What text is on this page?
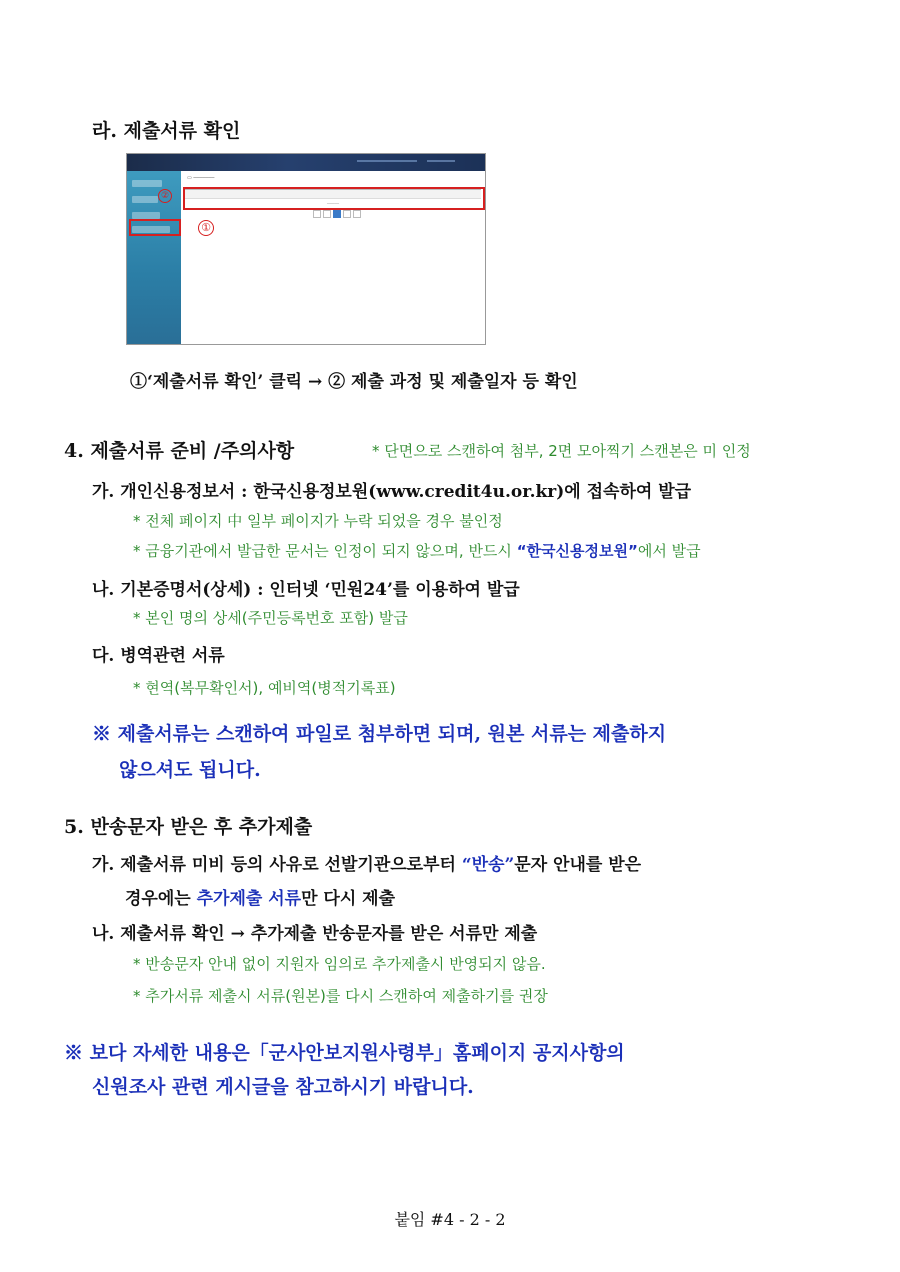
라. 제출서류 확인
②
①
▭ ───────
─────
①‘제출서류 확인’ 클릭 → ② 제출 과정 및 제출일자 등 확인
4. 제출서류 준비 /주의사항	* 단면으로 스캔하여 첨부, 2면 모아찍기 스캔본은 미 인정
가. 개인신용정보서 : 한국신용정보원(www.credit4u.or.kr)에 접속하여 발급
* 전체 페이지 中 일부 페이지가 누락 되었을 경우 불인정
* 금융기관에서 발급한 문서는 인정이 되지 않으며, 반드시 “한국신용정보원”에서 발급
나. 기본증명서(상세) : 인터넷 ‘민원24’를 이용하여 발급
* 본인 명의 상세(주민등록번호 포함) 발급
다. 병역관련 서류
* 현역(복무확인서), 예비역(병적기록표)
※ 제출서류는 스캔하여 파일로 첨부하면 되며, 원본 서류는 제출하지
않으셔도 됩니다.
5. 반송문자 받은 후 추가제출
가. 제출서류 미비 등의 사유로 선발기관으로부터 “반송”문자 안내를 받은
경우에는 추가제출 서류만 다시 제출
나. 제출서류 확인 → 추가제출 반송문자를 받은 서류만 제출
* 반송문자 안내 없이 지원자 임의로 추가제출시 반영되지 않음.
* 추가서류 제출시 서류(원본)를 다시 스캔하여 제출하기를 권장
※ 보다 자세한 내용은「군사안보지원사령부」홈페이지 공지사항의
신원조사 관련 게시글을 참고하시기 바랍니다.
붙임 #4 - 2 - 2
